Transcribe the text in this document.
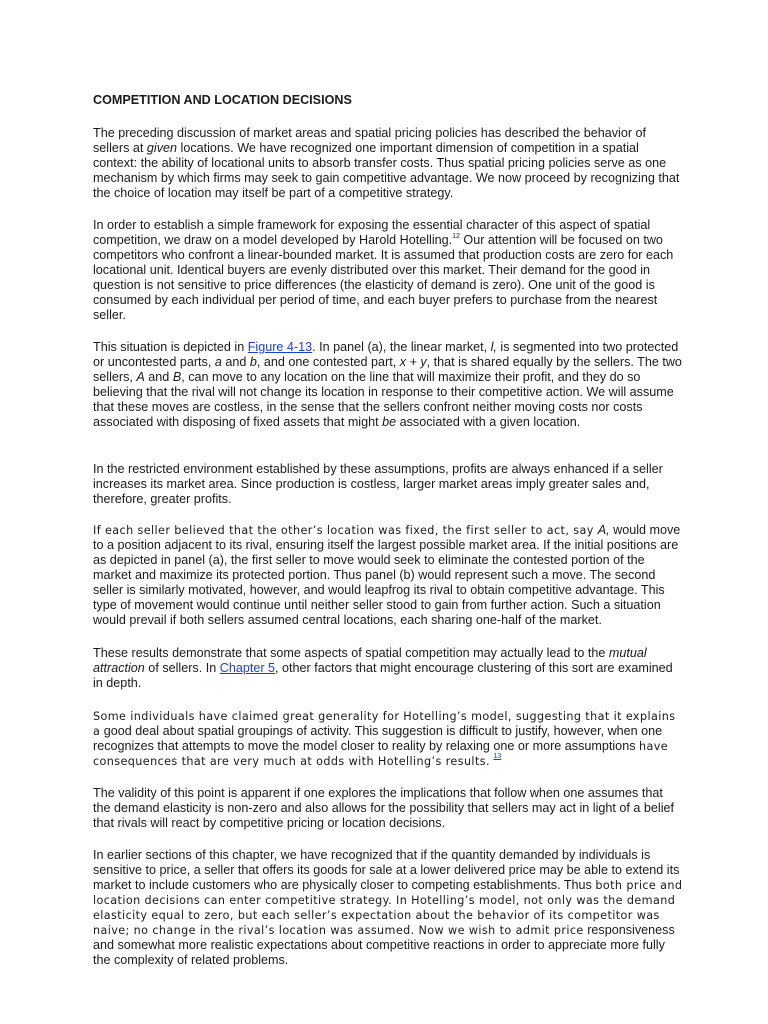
COMPETITION AND LOCATION DECISIONS

The preceding discussion of market areas and spatial pricing policies has described the behavior of sellers at given locations. We have recognized one important dimension of competition in a spatial context: the ability of locational units to absorb transfer costs. Thus spatial pricing policies serve as one mechanism by which firms may seek to gain competitive advantage. We now proceed by recognizing that the choice of location may itself be part of a competitive strategy.

In order to establish a simple framework for exposing the essential character of this aspect of spatial competition, we draw on a model developed by Harold Hotelling.$^{12}$ Our attention will be focused on two competitors who confront a linear-bounded market. It is assumed that production costs are zero for each locational unit. Identical buyers are evenly distributed over this market. Their demand for the good in question is not sensitive to price differences (the elasticity of demand is zero). One unit of the good is consumed by each individual per period of time, and each buyer prefers to purchase from the nearest seller.

This situation is depicted in Figure 4-13. In panel (a), the linear market, l, is segmented into two protected or uncontested parts, a and b, and one contested part, x + y, that is shared equally by the sellers. The two sellers, A and B, can move to any location on the line that will maximize their profit, and they do so believing that the rival will not change its location in response to their competitive action. We will assume that these moves are costless, in the sense that the sellers confront neither moving costs nor costs associated with disposing of fixed assets that might be associated with a given location.

In the restricted environment established by these assumptions, profits are always enhanced if a seller increases its market area. Since production is costless, larger market areas imply greater sales and, therefore, greater profits.

If each seller believed that the other’s location was fixed, the first seller to act, say A, would move to a position adjacent to its rival, ensuring itself the largest possible market area. If the initial positions are as depicted in panel (a), the first seller to move would seek to eliminate the contested portion of the market and maximize its protected portion. Thus panel (b) would represent such a move. The second seller is similarly motivated, however, and would leapfrog its rival to obtain competitive advantage. This type of movement would continue until neither seller stood to gain from further action. Such a situation would prevail if both sellers assumed central locations, each sharing one-half of the market.

These results demonstrate that some aspects of spatial competition may actually lead to the mutual attraction of sellers. In Chapter 5, other factors that might encourage clustering of this sort are examined in depth.

Some individuals have claimed great generality for Hotelling’s model, suggesting that it explains a good deal about spatial groupings of activity. This suggestion is difficult to justify, however, when one recognizes that attempts to move the model closer to reality by relaxing one or more assumptions have consequences that are very much at odds with Hotelling’s results. $^{13}$

The validity of this point is apparent if one explores the implications that follow when one assumes that the demand elasticity is non-zero and also allows for the possibility that sellers may act in light of a belief that rivals will react by competitive pricing or location decisions.

In earlier sections of this chapter, we have recognized that if the quantity demanded by individuals is sensitive to price, a seller that offers its goods for sale at a lower delivered price may be able to extend its market to include customers who are physically closer to competing establishments. Thus both price and location decisions can enter competitive strategy. In Hotelling’s model, not only was the demand elasticity equal to zero, but each seller’s expectation about the behavior of its competitor was naive; no change in the rival’s location was assumed. Now we wish to admit price responsiveness and somewhat more realistic expectations about competitive reactions in order to appreciate more fully the complexity of related problems.
